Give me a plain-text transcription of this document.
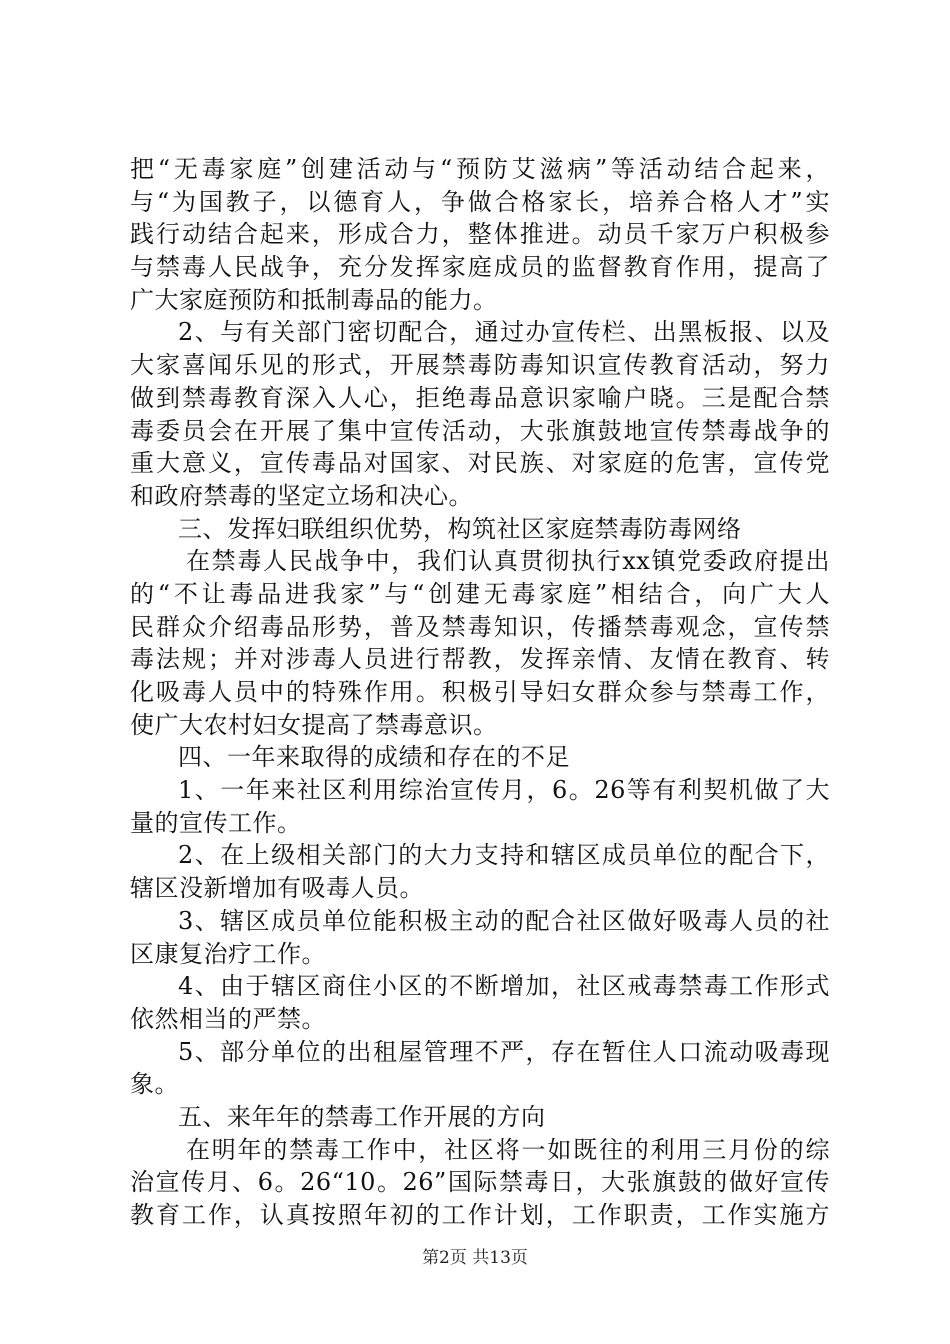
把“无毒家庭”创建活动与“预防艾滋病”等活动结合起来，
与“为国教子，以德育人，争做合格家长，培养合格人才”实
践行动结合起来，形成合力，整体推进。动员千家万户积极参
与禁毒人民战争，充分发挥家庭成员的监督教育作用，提高了
广大家庭预防和抵制毒品的能力。
2、与有关部门密切配合，通过办宣传栏、出黑板报、以及
大家喜闻乐见的形式，开展禁毒防毒知识宣传教育活动，努力
做到禁毒教育深入人心，拒绝毒品意识家喻户晓。三是配合禁
毒委员会在开展了集中宣传活动，大张旗鼓地宣传禁毒战争的
重大意义，宣传毒品对国家、对民族、对家庭的危害，宣传党
和政府禁毒的坚定立场和决心。
三、发挥妇联组织优势，构筑社区家庭禁毒防毒网络
在禁毒人民战争中，我们认真贯彻执行xx镇党委政府提出
的“不让毒品进我家”与“创建无毒家庭”相结合，向广大人
民群众介绍毒品形势，普及禁毒知识，传播禁毒观念，宣传禁
毒法规；并对涉毒人员进行帮教，发挥亲情、友情在教育、转
化吸毒人员中的特殊作用。积极引导妇女群众参与禁毒工作，
使广大农村妇女提高了禁毒意识。
四、一年来取得的成绩和存在的不足
1、一年来社区利用综治宣传月，6。26等有利契机做了大
量的宣传工作。
2、在上级相关部门的大力支持和辖区成员单位的配合下，
辖区没新增加有吸毒人员。
3、辖区成员单位能积极主动的配合社区做好吸毒人员的社
区康复治疗工作。
4、由于辖区商住小区的不断增加，社区戒毒禁毒工作形式
依然相当的严禁。
5、部分单位的出租屋管理不严，存在暂住人口流动吸毒现
象。
五、来年年的禁毒工作开展的方向
在明年的禁毒工作中，社区将一如既往的利用三月份的综
治宣传月、6。26“10。26”国际禁毒日，大张旗鼓的做好宣传
教育工作，认真按照年初的工作计划，工作职责，工作实施方
第2页 共13页
